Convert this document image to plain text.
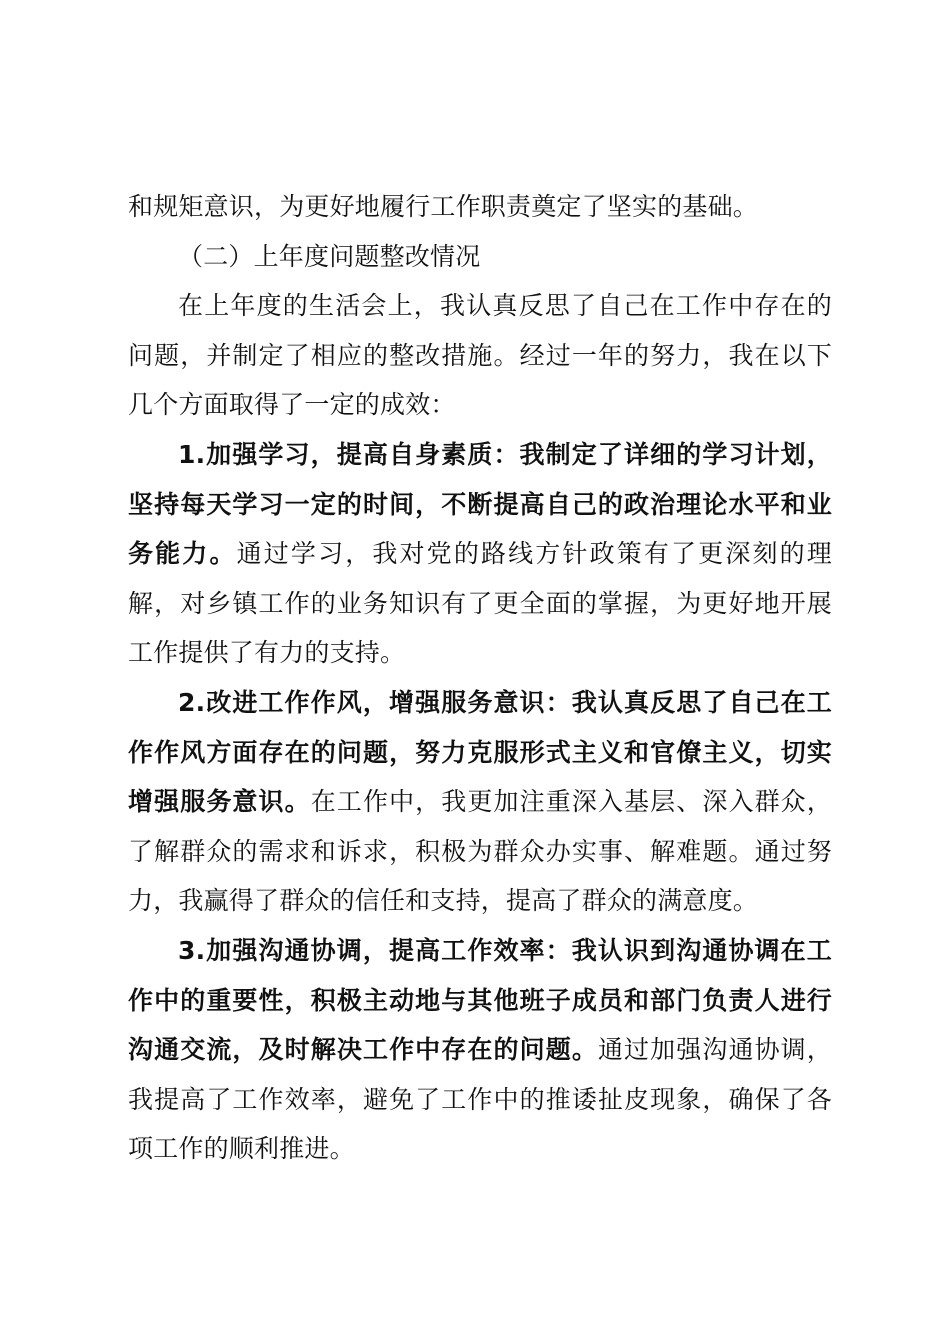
和规矩意识，为更好地履行工作职责奠定了坚实的基础。

（二）上年度问题整改情况

在上年度的生活会上，我认真反思了自己在工作中存在的问题，并制定了相应的整改措施。经过一年的努力，我在以下几个方面取得了一定的成效：

1.加强学习，提高自身素质：我制定了详细的学习计划，坚持每天学习一定的时间，不断提高自己的政治理论水平和业务能力。通过学习，我对党的路线方针政策有了更深刻的理解，对乡镇工作的业务知识有了更全面的掌握，为更好地开展工作提供了有力的支持。

2.改进工作作风，增强服务意识：我认真反思了自己在工作作风方面存在的问题，努力克服形式主义和官僚主义，切实增强服务意识。在工作中，我更加注重深入基层、深入群众，了解群众的需求和诉求，积极为群众办实事、解难题。通过努力，我赢得了群众的信任和支持，提高了群众的满意度。

3.加强沟通协调，提高工作效率：我认识到沟通协调在工作中的重要性，积极主动地与其他班子成员和部门负责人进行沟通交流，及时解决工作中存在的问题。通过加强沟通协调，我提高了工作效率，避免了工作中的推诿扯皮现象，确保了各项工作的顺利推进。
